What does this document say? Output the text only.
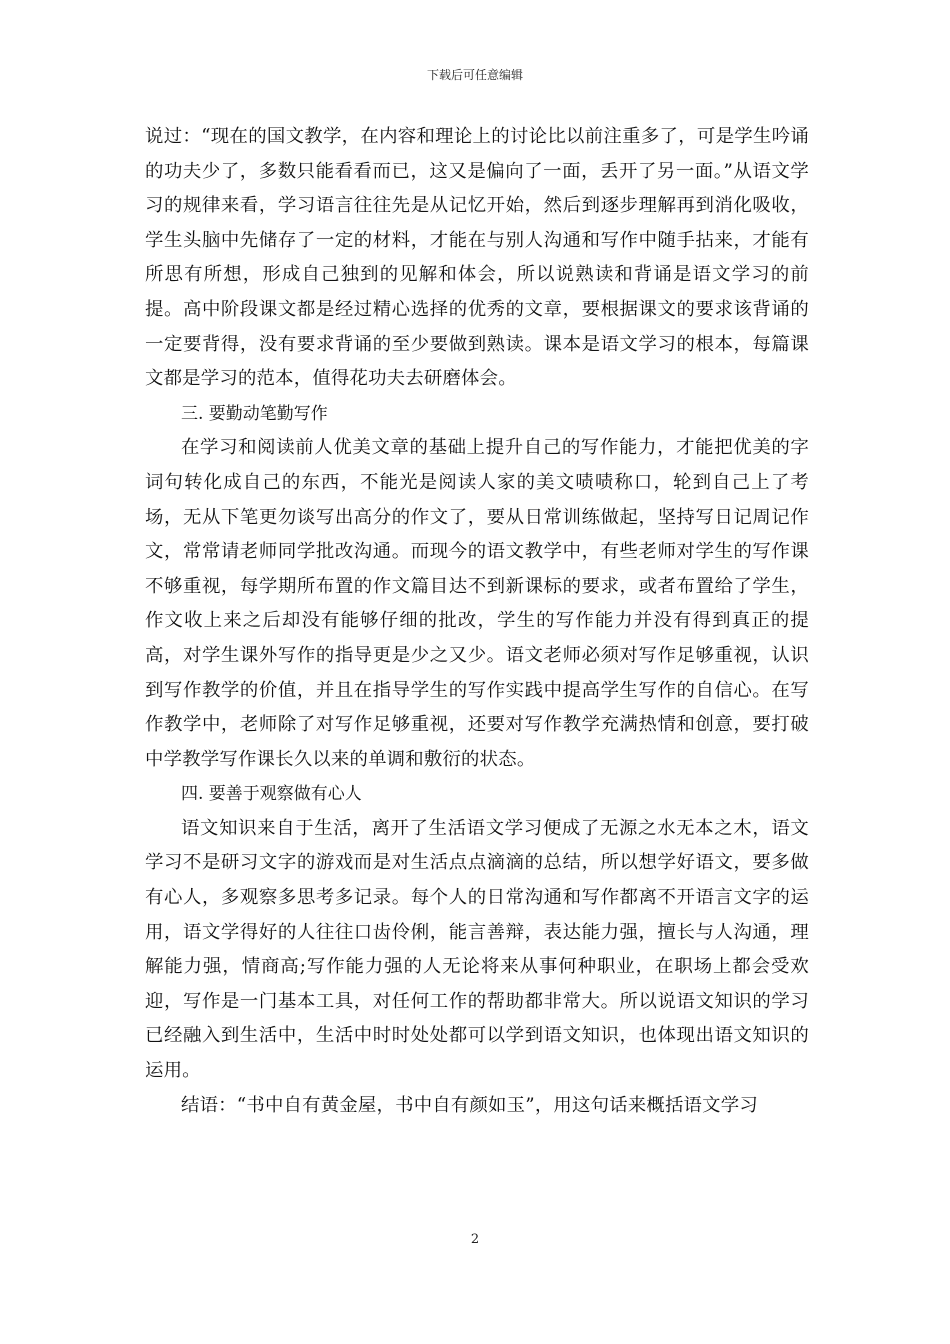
下载后可任意编辑

说过：“现在的国文教学，在内容和理论上的讨论比以前注重多了，可是学生吟诵的功夫少了，多数只能看看而已，这又是偏向了一面，丢开了另一面。”从语文学习的规律来看，学习语言往往先是从记忆开始，然后到逐步理解再到消化吸收，学生头脑中先储存了一定的材料，才能在与别人沟通和写作中随手拈来，才能有所思有所想，形成自己独到的见解和体会，所以说熟读和背诵是语文学习的前提。高中阶段课文都是经过精心选择的优秀的文章，要根据课文的要求该背诵的一定要背得，没有要求背诵的至少要做到熟读。课本是语文学习的根本，每篇课文都是学习的范本，值得花功夫去研磨体会。

三. 要勤动笔勤写作

在学习和阅读前人优美文章的基础上提升自己的写作能力，才能把优美的字词句转化成自己的东西，不能光是阅读人家的美文啧啧称口，轮到自己上了考场，无从下笔更勿谈写出高分的作文了，要从日常训练做起，坚持写日记周记作文，常常请老师同学批改沟通。而现今的语文教学中，有些老师对学生的写作课不够重视，每学期所布置的作文篇目达不到新课标的要求，或者布置给了学生，作文收上来之后却没有能够仔细的批改，学生的写作能力并没有得到真正的提高，对学生课外写作的指导更是少之又少。语文老师必须对写作足够重视，认识到写作教学的价值，并且在指导学生的写作实践中提高学生写作的自信心。在写作教学中，老师除了对写作足够重视，还要对写作教学充满热情和创意，要打破中学教学写作课长久以来的单调和敷衍的状态。

四. 要善于观察做有心人

语文知识来自于生活，离开了生活语文学习便成了无源之水无本之木，语文学习不是研习文字的游戏而是对生活点点滴滴的总结，所以想学好语文，要多做有心人，多观察多思考多记录。每个人的日常沟通和写作都离不开语言文字的运用，语文学得好的人往往口齿伶俐，能言善辩，表达能力强，擅长与人沟通，理解能力强，情商高;写作能力强的人无论将来从事何种职业，在职场上都会受欢迎，写作是一门基本工具，对任何工作的帮助都非常大。所以说语文知识的学习已经融入到生活中，生活中时时处处都可以学到语文知识，也体现出语文知识的运用。

结语：“书中自有黄金屋，书中自有颜如玉”，用这句话来概括语文学习

2
